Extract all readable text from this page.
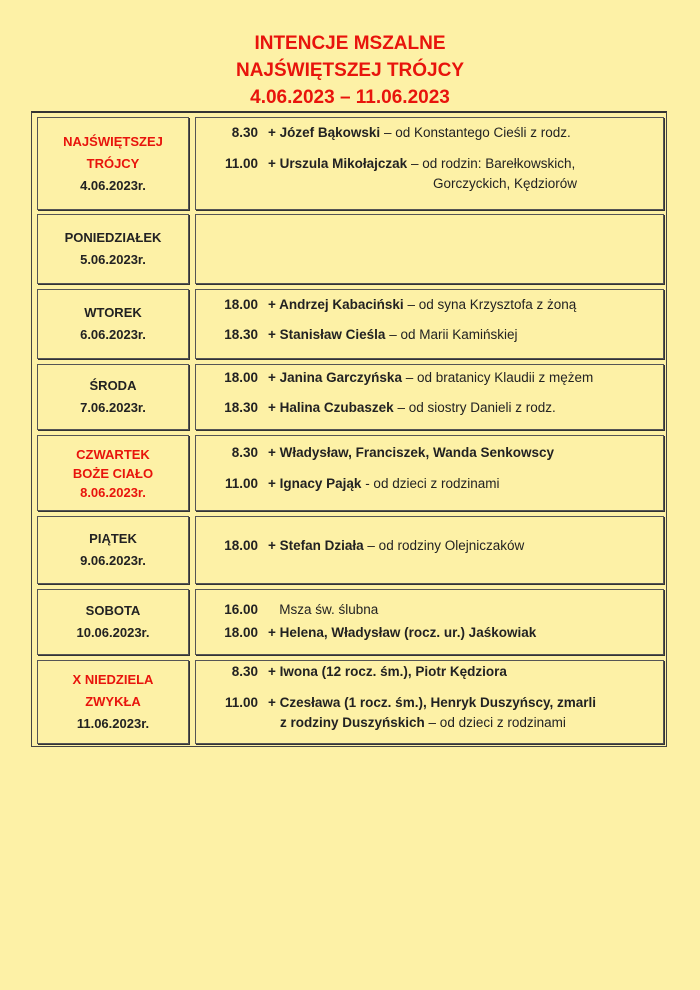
INTENCJE MSZALNE
NAJŚWIĘTSZEJ TRÓJCY
4.06.2023 – 11.06.2023
NAJŚWIĘTSZEJ
TRÓJCY
4.06.2023r.
8.30 + Józef Bąkowski – od Konstantego Cieśli z rodz.
11.00 + Urszula Mikołajczak – od rodzin: Barełkowskich,
Gorczyckich, Kędziorów
PONIEDZIAŁEK
5.06.2023r.
WTOREK
6.06.2023r.
18.00 + Andrzej Kabaciński – od syna Krzysztofa z żoną
18.30 + Stanisław Cieśla – od Marii Kamińskiej
ŚRODA
7.06.2023r.
18.00 + Janina Garczyńska – od bratanicy Klaudii z mężem
18.30 + Halina Czubaszek – od siostry Danieli z rodz.
CZWARTEK
BOŻE CIAŁO
8.06.2023r.
8.30 + Władysław, Franciszek, Wanda Senkowscy
11.00 + Ignacy Pająk - od dzieci z rodzinami
PIĄTEK
9.06.2023r.
18.00 + Stefan Działa – od rodziny Olejniczaków
SOBOTA
10.06.2023r.
16.00 Msza św. ślubna
18.00 + Helena, Władysław (rocz. ur.) Jaśkowiak
X NIEDZIELA
ZWYKŁA
11.06.2023r.
8.30 + Iwona (12 rocz. śm.), Piotr Kędziora
11.00 + Czesława (1 rocz. śm.), Henryk Duszyńscy, zmarli
z rodziny Duszyńskich – od dzieci z rodzinami
